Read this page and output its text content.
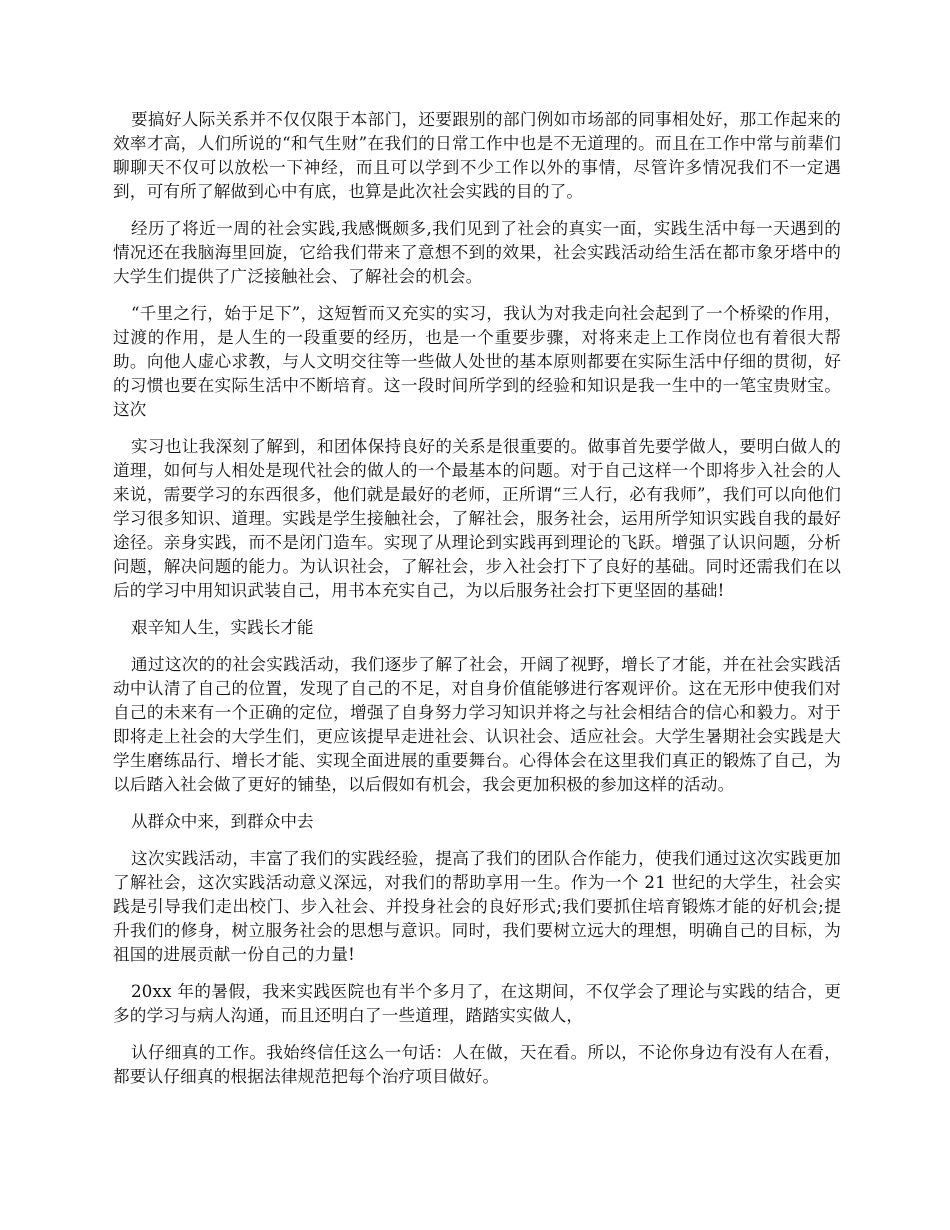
要搞好人际关系并不仅仅限于本部门，还要跟别的部门例如市场部的同事相处好，那工作起来的效率才高，人们所说的“和气生财”在我们的日常工作中也是不无道理的。而且在工作中常与前辈们聊聊天不仅可以放松一下神经，而且可以学到不少工作以外的事情，尽管许多情况我们不一定遇到，可有所了解做到心中有底，也算是此次社会实践的目的了。

经历了将近一周的社会实践,我感慨颇多,我们见到了社会的真实一面，实践生活中每一天遇到的情况还在我脑海里回旋，它给我们带来了意想不到的效果，社会实践活动给生活在都市象牙塔中的大学生们提供了广泛接触社会、了解社会的机会。

“千里之行，始于足下”，这短暂而又充实的实习，我认为对我走向社会起到了一个桥梁的作用，过渡的作用，是人生的一段重要的经历，也是一个重要步骤，对将来走上工作岗位也有着很大帮助。向他人虚心求教，与人文明交往等一些做人处世的基本原则都要在实际生活中仔细的贯彻，好的习惯也要在实际生活中不断培育。这一段时间所学到的经验和知识是我一生中的一笔宝贵财宝。这次

实习也让我深刻了解到，和团体保持良好的关系是很重要的。做事首先要学做人，要明白做人的道理，如何与人相处是现代社会的做人的一个最基本的问题。对于自己这样一个即将步入社会的人来说，需要学习的东西很多，他们就是最好的老师，正所谓“三人行，必有我师”，我们可以向他们学习很多知识、道理。实践是学生接触社会，了解社会，服务社会，运用所学知识实践自我的最好途径。亲身实践，而不是闭门造车。实现了从理论到实践再到理论的飞跃。增强了认识问题，分析问题，解决问题的能力。为认识社会，了解社会，步入社会打下了良好的基础。同时还需我们在以后的学习中用知识武装自己，用书本充实自己，为以后服务社会打下更坚固的基础!

艰辛知人生，实践长才能

通过这次的的社会实践活动，我们逐步了解了社会，开阔了视野，增长了才能，并在社会实践活动中认清了自己的位置，发现了自己的不足，对自身价值能够进行客观评价。这在无形中使我们对自己的未来有一个正确的定位，增强了自身努力学习知识并将之与社会相结合的信心和毅力。对于即将走上社会的大学生们，更应该提早走进社会、认识社会、适应社会。大学生暑期社会实践是大学生磨练品行、增长才能、实现全面进展的重要舞台。心得体会在这里我们真正的锻炼了自己，为以后踏入社会做了更好的铺垫，以后假如有机会，我会更加积极的参加这样的活动。

从群众中来，到群众中去

这次实践活动，丰富了我们的实践经验，提高了我们的团队合作能力，使我们通过这次实践更加了解社会，这次实践活动意义深远，对我们的帮助享用一生。作为一个 21 世纪的大学生，社会实践是引导我们走出校门、步入社会、并投身社会的良好形式;我们要抓住培育锻炼才能的好机会;提升我们的修身，树立服务社会的思想与意识。同时，我们要树立远大的理想，明确自己的目标，为祖国的进展贡献一份自己的力量!

20xx 年的暑假，我来实践医院也有半个多月了，在这期间，不仅学会了理论与实践的结合，更多的学习与病人沟通，而且还明白了一些道理，踏踏实实做人，

认仔细真的工作。我始终信任这么一句话：人在做，天在看。所以，不论你身边有没有人在看，都要认仔细真的根据法律规范把每个治疗项目做好。
